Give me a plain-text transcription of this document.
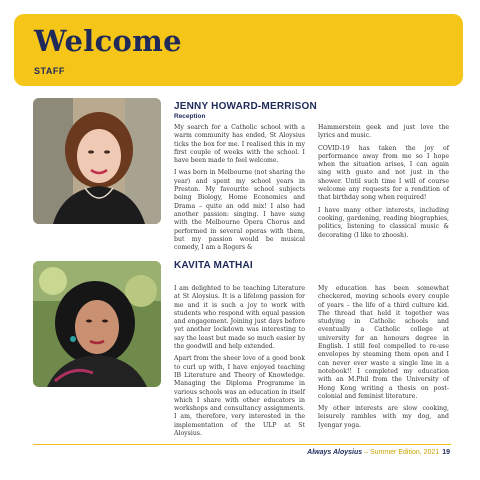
Welcome
STAFF
JENNY HOWARD-MERRISON
Reception

My search for a Catholic school with a warm community has ended, St Aloysius ticks the box for me. I realised this in my first couple of weeks with the school. I have been made to feel welcome.

I was born in Melbourne (not sharing the year) and spent my school years in Preston. My favourite school subjects being Biology, Home Economics and Drama – quite an odd mix! I also had another passion: singing. I have sung with the Melbourne Opera Chorus and performed in several operas with them, but my passion would be musical comedy, I am a Rogers &

Hammerstein geek and just love the lyrics and music.

COVID-19 has taken the joy of performance away from me so I hope when the situation arises, I can again sing with gusto and not just in the shower. Until such time I will of course welcome any requests for a rendition of that birthday song when required!

I have many other interests, including cooking, gardening, reading biographies, politics, listening to classical music & decorating (I like to zhoosh).

KAVITA MATHAI

I am delighted to be teaching Literature at St Aloysius. It is a lifelong passion for me and it is such a joy to work with students who respond with equal passion and engagement. Joining just days before yet another lockdown was interesting to say the least but made so much easier by the goodwill and help extended.

Apart from the sheer love of a good book to curl up with, I have enjoyed teaching IB Literature and Theory of Knowledge. Managing the Diploma Programme in various schools was an education in itself which I share with other educators in workshops and consultancy assignments. I am, therefore, very interested in the implementation of the ULP at St Aloysius.

My education has been somewhat checkered, moving schools every couple of years – the life of a third culture kid. The thread that held it together was studying in Catholic schools and eventually a Catholic college at university for an honours degree in English. I still feel compelled to re-use envelopes by steaming them open and I can never ever waste a single line in a notebook!! I completed my education with an M.Phil from the University of Hong Kong writing a thesis on post-colonial and feminist literature.

My other interests are slow cooking, leisurely rambles with my dog, and Iyengar yoga.

Always Aloysius – Summer Edition, 2021 19
